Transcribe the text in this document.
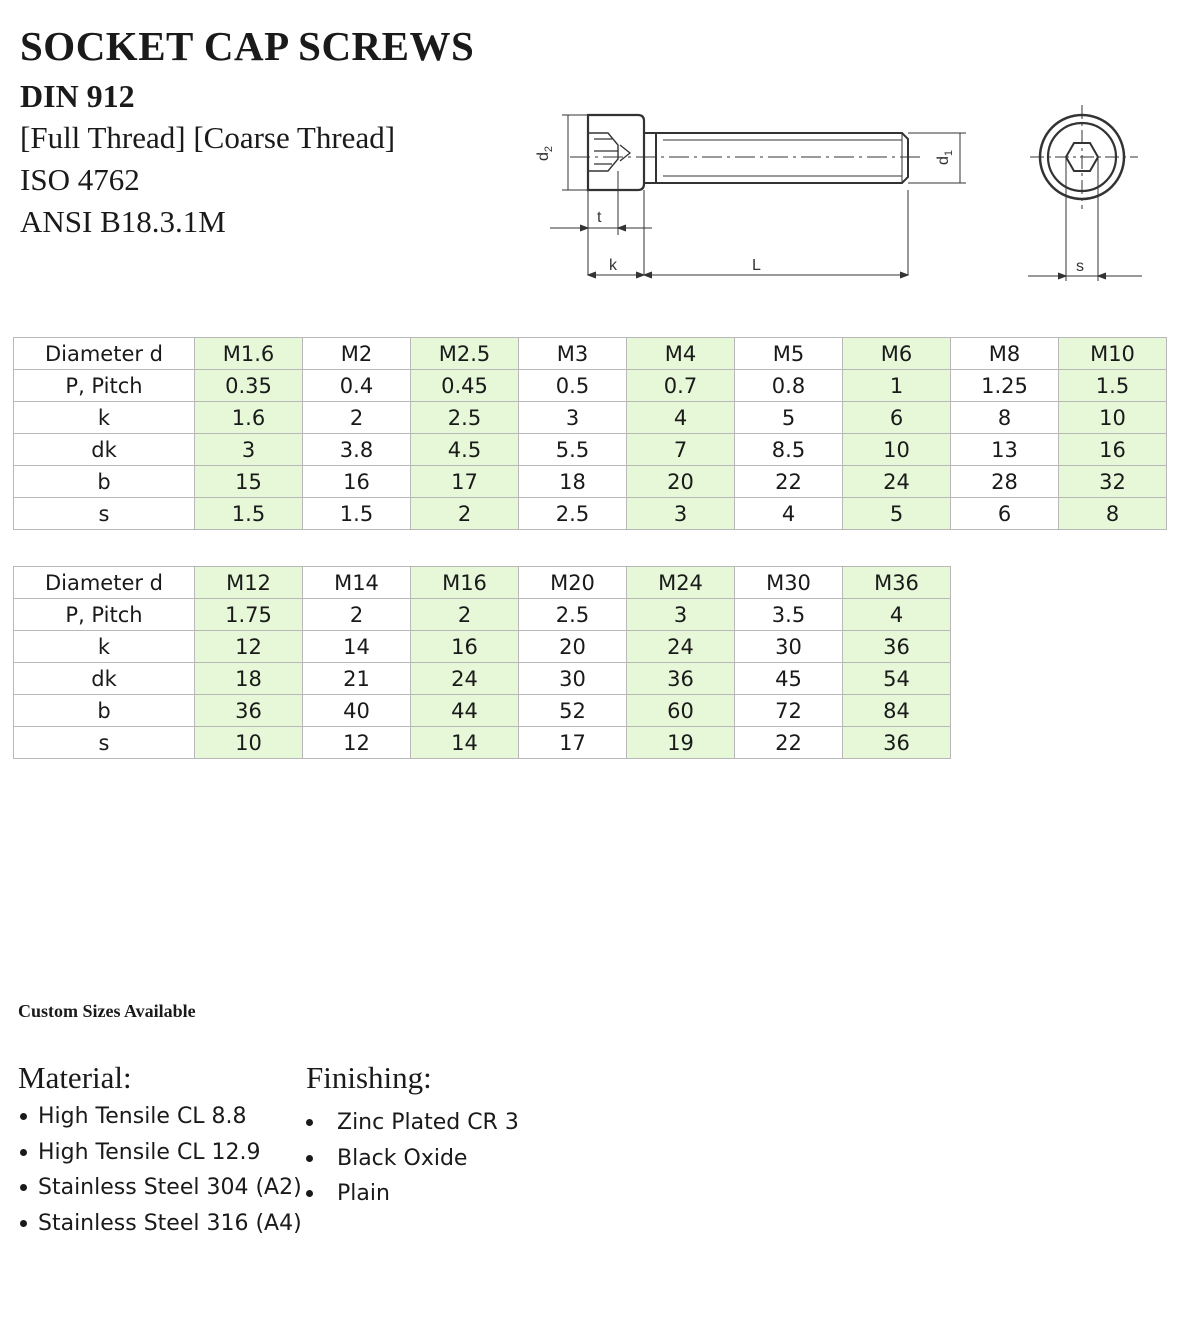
SOCKET CAP SCREWS
DIN 912
[Full Thread] [Coarse Thread]
ISO 4762
ANSI B18.3.1M
$d_2$
$d_1$
t
k	L	s
Diameter d	M1.6	M2	M2.5	M3	M4	M5	M6	M8	M10
P, Pitch	0.35	0.4	0.45	0.5	0.7	0.8	1	1.25	1.5
k	1.6	2	2.5	3	4	5	6	8	10
dk	3	3.8	4.5	5.5	7	8.5	10	13	16
b	15	16	17	18	20	22	24	28	32
s	1.5	1.5	2	2.5	3	4	5	6	8
Diameter d	M12	M14	M16	M20	M24	M30	M36
P, Pitch	1.75	2	2	2.5	3	3.5	4
k	12	14	16	20	24	30	36
dk	18	21	24	30	36	45	54
b	36	40	44	52	60	72	84
s	10	12	14	17	19	22	36
Custom Sizes Available
Material:
High Tensile CL 8.8
High Tensile CL 12.9
Stainless Steel 304 (A2)
Stainless Steel 316 (A4)
Finishing:
Zinc Plated CR 3
Black Oxide
Plain
